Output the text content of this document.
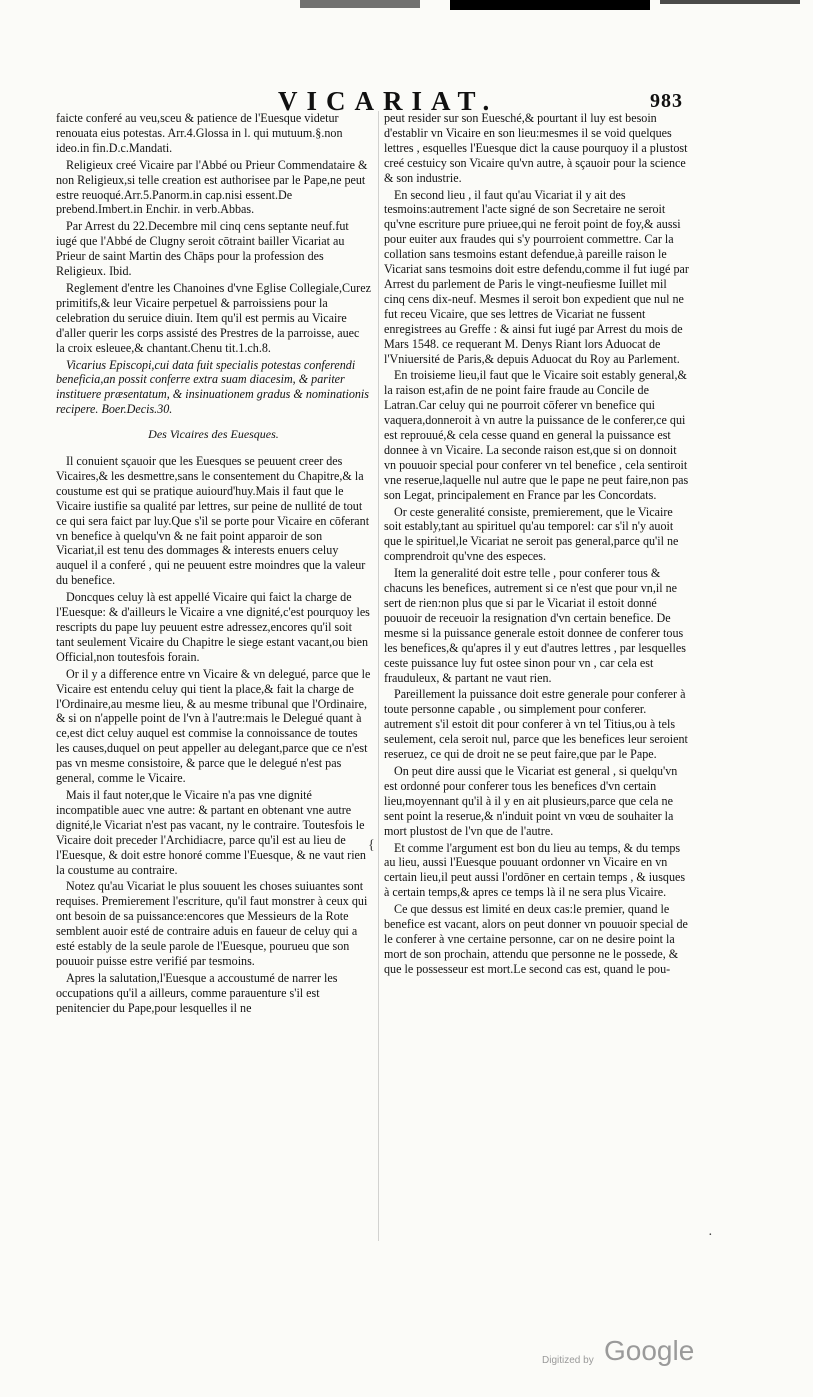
VICARIAT.	983

faicte conferé au veu,sceu & patience de l'Euesque videtur renouata eius potestas. Arr.4.Glossa in l. qui mutuum.§.non ideo.in fin.D.c.Mandati.

Religieux creé Vicaire par l'Abbé ou Prieur Commendataire & non Religieux,si telle creation est authorisee par le Pape,ne peut estre reuoqué.Arr.5.Panorm.in cap.nisi essent.De prebend.Imbert.in Enchir. in verb.Abbas.

Par Arrest du 22.Decembre mil cinq cens septante neuf.fut iugé que l'Abbé de Clugny seroit cōtraint bailler Vicariat au Prieur de saint Martin des Chāps pour la profession des Religieux. Ibid.

Reglement d'entre les Chanoines d'vne Eglise Collegiale,Curez primitifs,& leur Vicaire perpetuel & parroissiens pour la celebration du seruice diuin. Item qu'il est permis au Vicaire d'aller querir les corps assisté des Prestres de la parroisse, auec la croix esleuee,& chantant.Chenu tit.1.ch.8.

Vicarius Episcopi,cui data fuit specialis potestas conferendi beneficia,an possit conferre extra suam diacesim, & pariter instituere præsentatum, & insinuationem gradus & nominationis recipere. Boer.Decis.30.

Des Vicaires des Euesques.

Il conuient sçauoir que les Euesques se peuuent creer des Vicaires,& les desmettre,sans le consentement du Chapitre,& la coustume est qui se pratique auiourd'huy.Mais il faut que le Vicaire iustifie sa qualité par lettres, sur peine de nullité de tout ce qui sera faict par luy.Que s'il se porte pour Vicaire en cōferant vn benefice à quelqu'vn & ne fait point apparoir de son Vicariat,il est tenu des dommages & interests enuers celuy auquel il a conferé , qui ne peuuent estre moindres que la valeur du benefice.

Doncques celuy là est appellé Vicaire qui faict la charge de l'Euesque: & d'ailleurs le Vicaire a vne dignité,c'est pourquoy les rescripts du pape luy peuuent estre adressez,encores qu'il soit tant seulement Vicaire du Chapitre le siege estant vacant,ou bien Official,non toutesfois forain.

Or il y a difference entre vn Vicaire & vn delegué, parce que le Vicaire est entendu celuy qui tient la place,& fait la charge de l'Ordinaire,au mesme lieu, & au mesme tribunal que l'Ordinaire, & si on n'appelle point de l'vn à l'autre:mais le Delegué quant à ce,est dict celuy auquel est commise la connoissance de toutes les causes,duquel on peut appeller au delegant,parce que ce n'est pas vn mesme consistoire, & parce que le delegué n'est pas general, comme le Vicaire.

Mais il faut noter,que le Vicaire n'a pas vne dignité incompatible auec vne autre: & partant en obtenant vne autre dignité,le Vicariat n'est pas vacant, ny le contraire. Toutesfois le Vicaire doit preceder l'Archidiacre, parce qu'il est au lieu de l'Euesque, & doit estre honoré comme l'Euesque, & ne vaut rien la coustume au contraire.

Notez qu'au Vicariat le plus souuent les choses suiuantes sont requises. Premierement l'escriture, qu'il faut monstrer à ceux qui ont besoin de sa puissance:encores que Messieurs de la Rote semblent auoir esté de contraire aduis en faueur de celuy qui a esté estably de la seule parole de l'Euesque, pourueu que son pouuoir puisse estre verifié par tesmoins.

Apres la salutation,l'Euesque a accoustumé de narrer les occupations qu'il a ailleurs, comme parauenture s'il est penitencier du Pape,pour lesquelles il ne

peut resider sur son Euesché,& pourtant il luy est besoin d'establir vn Vicaire en son lieu:mesmes il se void quelques lettres , esquelles l'Euesque dict la cause pourquoy il a plustost creé cestuicy son Vicaire qu'vn autre, à sçauoir pour la science & son industrie.

En second lieu , il faut qu'au Vicariat il y ait des tesmoins:autrement l'acte signé de son Secretaire ne seroit qu'vne escriture pure priuee,qui ne feroit point de foy,& aussi pour euiter aux fraudes qui s'y pourroient commettre. Car la collation sans tesmoins estant defendue,à pareille raison le Vicariat sans tesmoins doit estre defendu,comme il fut iugé par Arrest du parlement de Paris le vingt-neufiesme Iuillet mil cinq cens dix-neuf. Mesmes il seroit bon expedient que nul ne fut receu Vicaire, que ses lettres de Vicariat ne fussent enregistrees au Greffe : & ainsi fut iugé par Arrest du mois de Mars 1548. ce requerant M. Denys Riant lors Aduocat de l'Vniuersité de Paris,& depuis Aduocat du Roy au Parlement.

En troisieme lieu,il faut que le Vicaire soit estably general,& la raison est,afin de ne point faire fraude au Concile de Latran.Car celuy qui ne pourroit cōferer vn benefice qui vaquera,donneroit à vn autre la puissance de le conferer,ce qui est reprouué,& cela cesse quand en general la puissance est donnee à vn Vicaire. La seconde raison est,que si on donnoit vn pouuoir special pour conferer vn tel benefice , cela sentiroit vne reserue,laquelle nul autre que le pape ne peut faire,non pas son Legat, principalement en France par les Concordats.

Or ceste generalité consiste, premierement, que le Vicaire soit estably,tant au spirituel qu'au temporel: car s'il n'y auoit que le spirituel,le Vicariat ne seroit pas general,parce qu'il ne comprendroit qu'vne des especes.

Item la generalité doit estre telle , pour conferer tous & chacuns les benefices, autrement si ce n'est que pour vn,il ne sert de rien:non plus que si par le Vicariat il estoit donné pouuoir de receuoir la resignation d'vn certain benefice. De mesme si la puissance generale estoit donnee de conferer tous les benefices,& qu'apres il y eut d'autres lettres , par lesquelles ceste puissance luy fut ostee sinon pour vn , car cela est frauduleux, & partant ne vaut rien.

Pareillement la puissance doit estre generale pour conferer à toute personne capable , ou simplement pour conferer. autrement s'il estoit dit pour conferer à vn tel Titius,ou à tels seulement, cela seroit nul, parce que les benefices leur seroient reseruez, ce qui de droit ne se peut faire,que par le Pape.

On peut dire aussi que le Vicariat est general , si quelqu'vn est ordonné pour conferer tous les benefices d'vn certain lieu,moyennant qu'il à il y en ait plusieurs,parce que cela ne sent point la reserue,& n'induit point vn vœu de souhaiter la mort plustost de l'vn que de l'autre.

Et comme l'argument est bon du lieu au temps, & du temps au lieu, aussi l'Euesque pouuant ordonner vn Vicaire en vn certain lieu,il peut aussi l'ordōner en certain temps , & iusques à certain temps,& apres ce temps là il ne sera plus Vicaire.

Ce que dessus est limité en deux cas:le premier, quand le benefice est vacant, alors on peut donner vn pouuoir special de le conferer à vne certaine personne, car on ne desire point la mort de son prochain, attendu que personne ne le possede, & que le possesseur est mort.Le second cas est, quand le pou-

{
·
Digitized by Google
